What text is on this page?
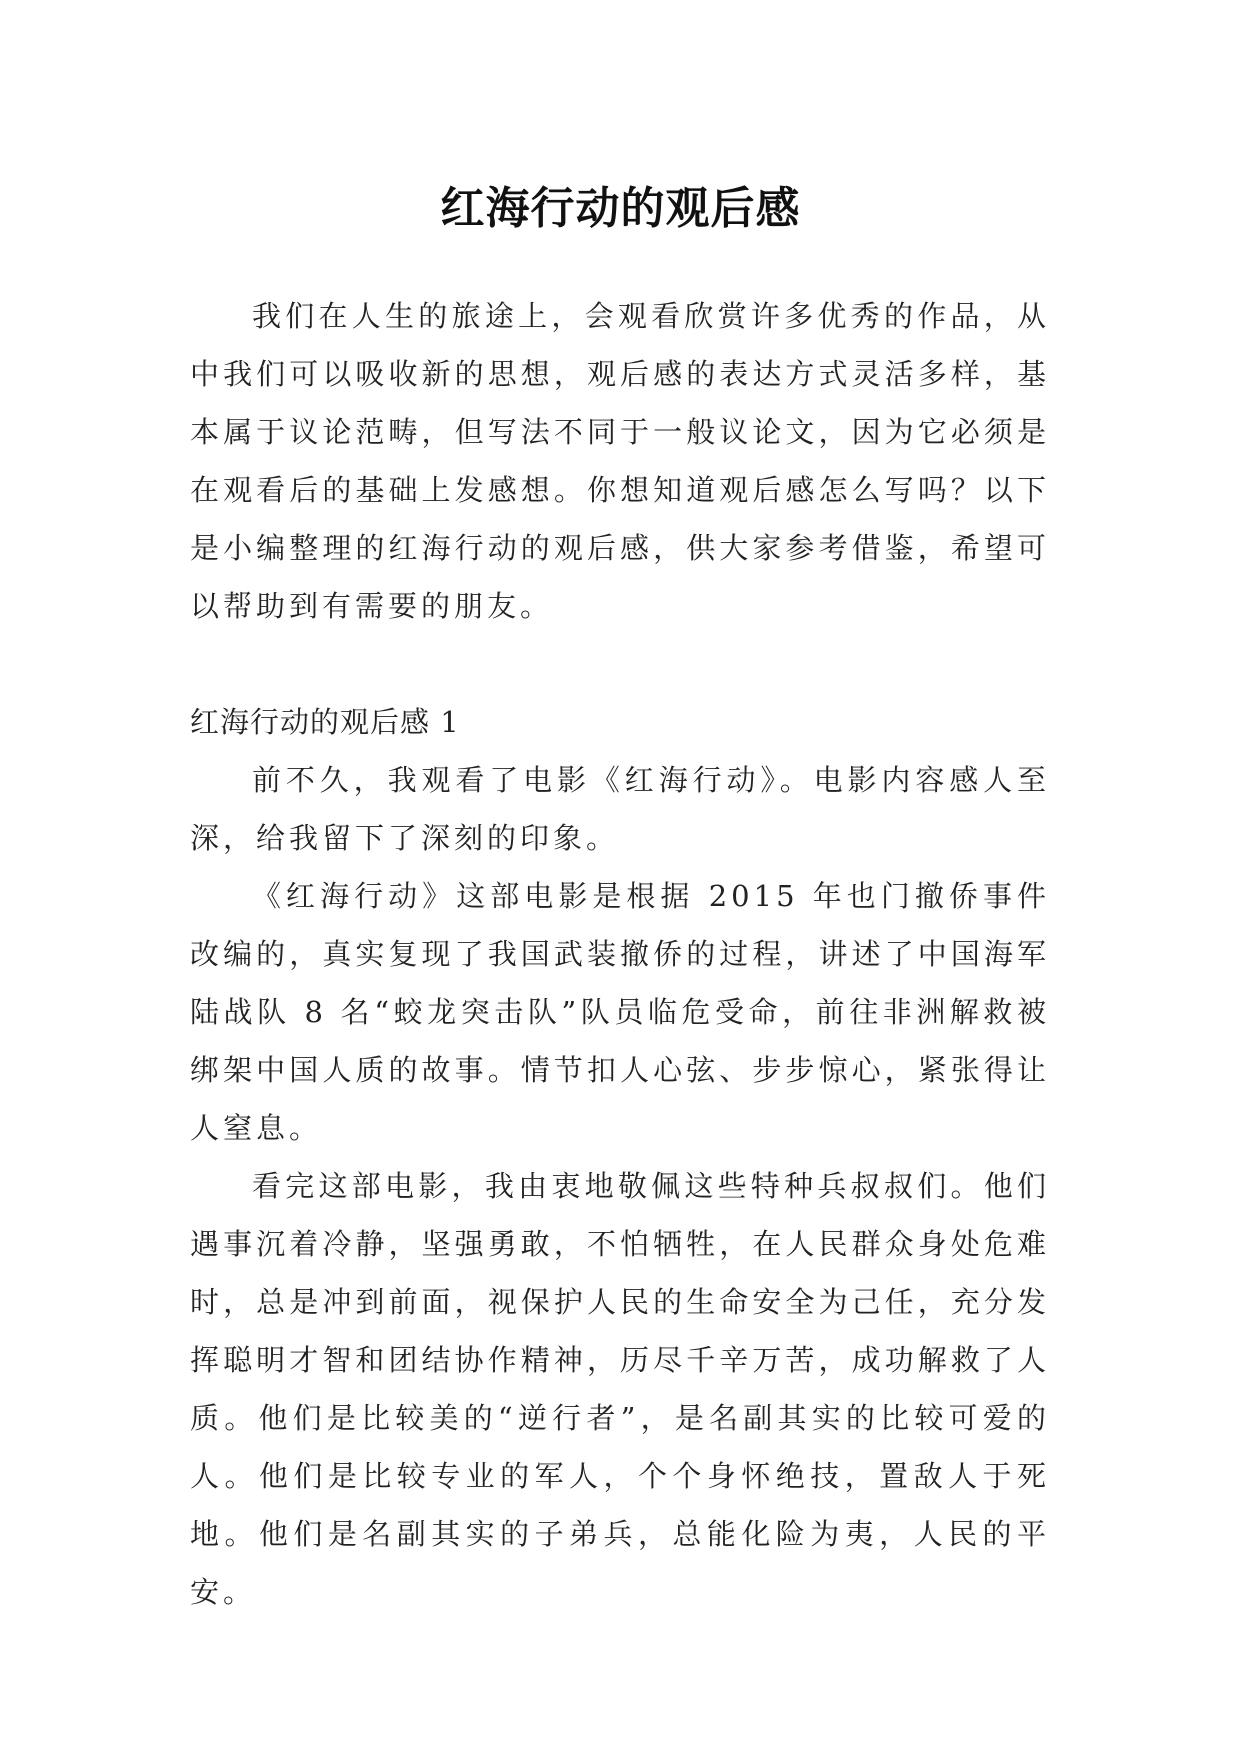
红海行动的观后感

我们在人生的旅途上，会观看欣赏许多优秀的作品，从中我们可以吸收新的思想，观后感的表达方式灵活多样，基本属于议论范畴，但写法不同于一般议论文，因为它必须是在观看后的基础上发感想。你想知道观后感怎么写吗？以下是小编整理的红海行动的观后感，供大家参考借鉴，希望可以帮助到有需要的朋友。

红海行动的观后感 1

前不久，我观看了电影《红海行动》。电影内容感人至深，给我留下了深刻的印象。

《红海行动》这部电影是根据 2015 年也门撤侨事件改编的，真实复现了我国武装撤侨的过程，讲述了中国海军陆战队 8 名“蛟龙突击队”队员临危受命，前往非洲解救被绑架中国人质的故事。情节扣人心弦、步步惊心，紧张得让人窒息。

看完这部电影，我由衷地敬佩这些特种兵叔叔们。他们遇事沉着冷静，坚强勇敢，不怕牺牲，在人民群众身处危难时，总是冲到前面，视保护人民的生命安全为己任，充分发挥聪明才智和团结协作精神，历尽千辛万苦，成功解救了人质。他们是比较美的“逆行者”，是名副其实的比较可爱的人。他们是比较专业的军人，个个身怀绝技，置敌人于死地。他们是名副其实的子弟兵，总能化险为夷，人民的平安。
